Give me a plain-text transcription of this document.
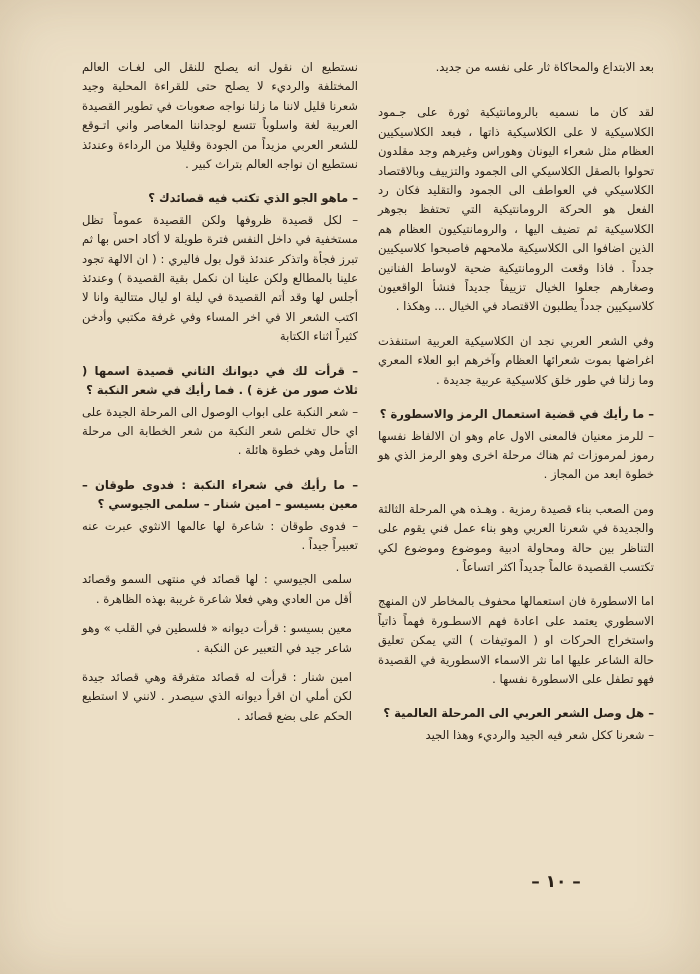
بعد الابتداع والمحاكاة ثار على نفسه من جديد.

لقد كان ما نسميه بالرومانتيكية ثورة على جـمود الكلاسيكية لا على الكلاسيكية ذاتها ، فبعد الكلاسيكيين العظام مثل شعراء اليونان وهوراس وغيرهم وجد مقلدون تحولوا بالصقل الكلاسيكي الى الجمود والتزييف وبالاقتصاد الكلاسيكي في العواطف الى الجمود والتقليد فكان رد الفعل هو الحركة الرومانتيكية التي تحتفظ بجوهر الكلاسيكية ثم تضيف اليها ، والرومانتيكيون العظام هم الذين اضافوا الى الكلاسيكية ملامحهم فاصبحوا كلاسيكيين جدداً . فاذا وقعت الرومانتيكية ضحية لاوساط الفنانين وصغارهم جعلوا الخيال تزييفاً جديداً فنشأ الواقعيون كلاسيكيين جدداً يطلبون الاقتصاد في الخيال ... وهكذا .

وفي الشعر العربي نجد ان الكلاسيكية العربية استنفذت اغراضها بموت شعرائها العظام وآخرهم ابو العلاء المعري وما زلنا في طور خلق كلاسيكية عربية جديدة .

– ما رأيك في قضية استعمال الرمز والاسطورة ؟

– للرمز معنيان فالمعنى الاول عام وهو ان الالفاظ نفسها رموز لمرموزات ثم هناك مرحلة اخرى وهو الرمز الذي هو خطوة ابعد من المجاز .

ومن الصعب بناء قصيدة رمزية . وهـذه هي المرحلة الثالثة والجديدة في شعرنا العربي وهو بناء عمل فني يقوم على التناظر بين حالة ومحاولة ادبية وموضوع وموضوع لكي تكتسب القصيدة عالماً جديداً اكثر اتساعاً .

اما الاسطورة فان استعمالها محفوف بالمخاطر لان المنهج الاسطوري يعتمد على اعادة فهم الاسطـورة فهماً ذاتياً واستخراج الحركات او ( الموتيفات ) التي يمكن تعليق حالة الشاعر عليها اما نثر الاسماء الاسطورية في القصيدة فهو تطفل على الاسطورة نفسها .

– هل وصل الشعر العربي الى المرحلة العالمية ؟

– شعرنا ككل شعر فيه الجيد والرديء وهذا الجيد

نستطيع ان نقول انه يصلح للنقل الى لغـات العالم المختلفة والرديء لا يصلح حتى للقراءة المحلية وجيد شعرنا قليل لاننا ما زلنا نواجه صعوبات في تطوير القصيدة العربية لغة واسلوباً تتسع لوجداننا المعاصر واني اتـوقع للشعر العربي مزيداً من الجودة وقليلا من الرداءة وعندئذ نستطيع ان نواجه العالم بتراث كبير .

– ماهو الجو الذي تكتب فيه قصائدك ؟

– لكل قصيدة ظروفها ولكن القصيدة عموماً تظل مستخفية في داخل النفس فترة طويلة لا أكاد احس بها ثم تبرز فجأة واتذكر عندئذ قول بول فاليري : ( ان الالهة تجود علينا بالمطالع ولكن علينا ان نكمل بقية القصيدة ) وعندئذ أجلس لها وقد أتم القصيدة في ليلة او ليال متتالية وانا لا اكتب الشعر الا في اخر المساء وفي غرفة مكتبي وأدخن كثيراً اثناء الكتابة

– قرأت لك في ديوانك الثاني قصيدة اسمها ( ثلاث صور من غزة ) . فما رأيك في شعر النكبة ؟

– شعر النكبة على ابواب الوصول الى المرحلة الجيدة على اي حال تخلص شعر النكبة من شعر الخطابة الى مرحلة التأمل وهي خطوة هائلة .

– ما رأيك في شعراء النكبة : فدوى طوقان – معين بسيسو – امين شنار – سلمى الجيوسي ؟

– فدوى طوقان : شاعرة لها عالمها الانثوي عبرت عنه تعبيراً جيداً .

سلمى الجيوسي : لها قصائد في منتهى السمو وقصائد أقل من العادي وهي فعلا شاعرة غريبة بهذه الظاهرة .

معين بسيسو : قرأت ديوانه « فلسطين في القلب » وهو شاعر جيد في التعبير عن النكبة .

امين شنار : قرأت له قصائد متفرقة وهي قصائد جيدة لكن أملي ان اقرأ ديوانه الذي سيصدر . لانني لا استطيع الحكم على بضع قصائد .

– ١٠ –
